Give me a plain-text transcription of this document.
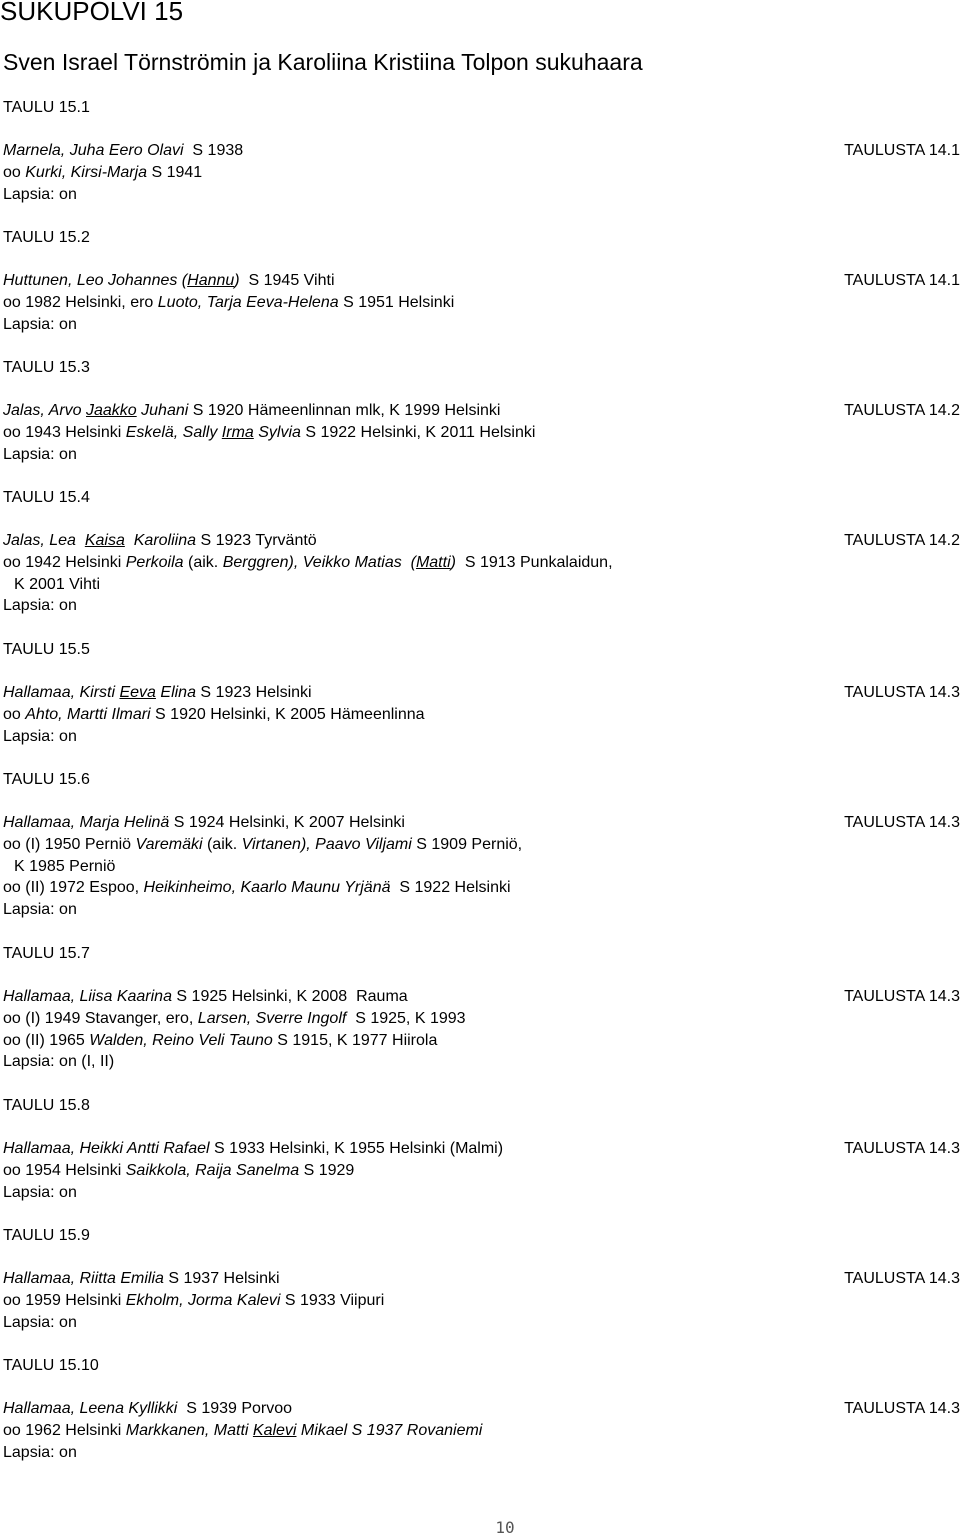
SUKUPOLVI 15
Sven Israel Törnströmin ja Karoliina Kristiina Tolpon sukuhaara
TAULU 15.1
Marnela, Juha Eero Olavi  S 1938	TAULUSTA 14.1
oo Kurki, Kirsi-Marja S 1941
Lapsia: on
TAULU 15.2
Huttunen, Leo Johannes (Hannu)  S 1945 Vihti	TAULUSTA 14.1
oo 1982 Helsinki, ero Luoto, Tarja Eeva-Helena S 1951 Helsinki
Lapsia: on
TAULU 15.3
Jalas, Arvo Jaakko Juhani S 1920 Hämeenlinnan mlk, K 1999 Helsinki	TAULUSTA 14.2
oo 1943 Helsinki Eskelä, Sally Irma Sylvia S 1922 Helsinki, K 2011 Helsinki
Lapsia: on
TAULU 15.4
Jalas, Lea  Kaisa  Karoliina S 1923 Tyrväntö	TAULUSTA 14.2
oo 1942 Helsinki Perkoila (aik. Berggren), Veikko Matias  (Matti)  S 1913 Punkalaidun,
K 2001 Vihti
Lapsia: on
TAULU 15.5
Hallamaa, Kirsti Eeva Elina S 1923 Helsinki	TAULUSTA 14.3
oo Ahto, Martti Ilmari S 1920 Helsinki, K 2005 Hämeenlinna
Lapsia: on
TAULU 15.6
Hallamaa, Marja Helinä S 1924 Helsinki, K 2007 Helsinki	TAULUSTA 14.3
oo (I) 1950 Perniö Varemäki (aik. Virtanen), Paavo Viljami S 1909 Perniö,
K 1985 Perniö
oo (II) 1972 Espoo, Heikinheimo, Kaarlo Maunu Yrjänä  S 1922 Helsinki
Lapsia: on
TAULU 15.7
Hallamaa, Liisa Kaarina S 1925 Helsinki, K 2008  Rauma	TAULUSTA 14.3
oo (I) 1949 Stavanger, ero, Larsen, Sverre Ingolf  S 1925, K 1993
oo (II) 1965 Walden, Reino Veli Tauno S 1915, K 1977 Hiirola
Lapsia: on (I, II)
TAULU 15.8
Hallamaa, Heikki Antti Rafael S 1933 Helsinki, K 1955 Helsinki (Malmi)	TAULUSTA 14.3
oo 1954 Helsinki Saikkola, Raija Sanelma S 1929
Lapsia: on
TAULU 15.9
Hallamaa, Riitta Emilia S 1937 Helsinki	TAULUSTA 14.3
oo 1959 Helsinki Ekholm, Jorma Kalevi S 1933 Viipuri
Lapsia: on
TAULU 15.10
Hallamaa, Leena Kyllikki  S 1939 Porvoo	TAULUSTA 14.3
oo 1962 Helsinki Markkanen, Matti Kalevi Mikael S 1937 Rovaniemi
Lapsia: on
10
